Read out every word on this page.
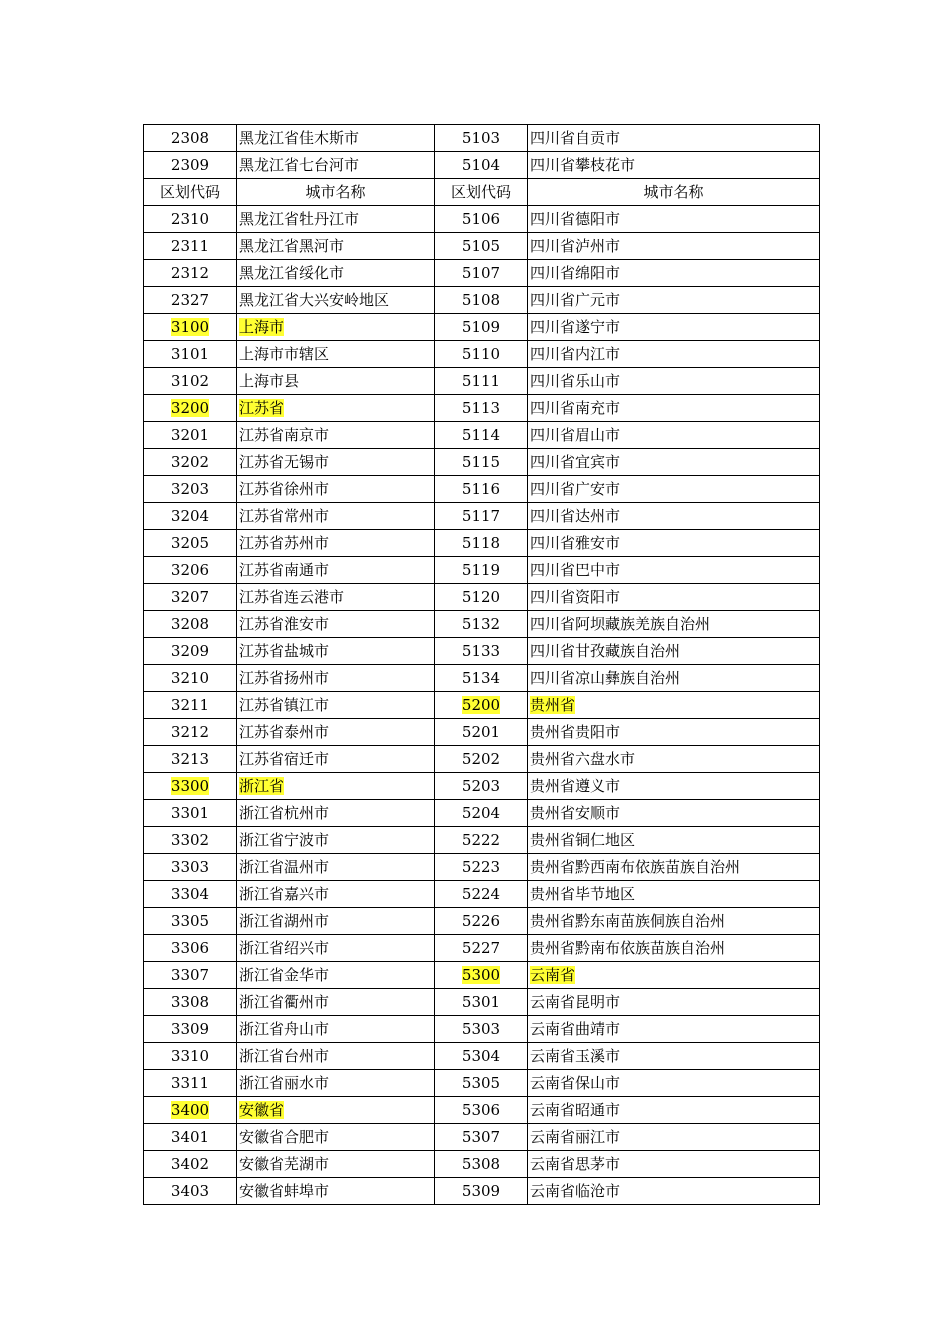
2308	黑龙江省佳木斯市	5103	四川省自贡市
2309	黑龙江省七台河市	5104	四川省攀枝花市
区划代码	城市名称	区划代码	城市名称
2310	黑龙江省牡丹江市	5106	四川省德阳市
2311	黑龙江省黑河市	5105	四川省泸州市
2312	黑龙江省绥化市	5107	四川省绵阳市
2327	黑龙江省大兴安岭地区	5108	四川省广元市
3100	上海市	5109	四川省遂宁市
3101	上海市市辖区	5110	四川省内江市
3102	上海市县	5111	四川省乐山市
3200	江苏省	5113	四川省南充市
3201	江苏省南京市	5114	四川省眉山市
3202	江苏省无锡市	5115	四川省宜宾市
3203	江苏省徐州市	5116	四川省广安市
3204	江苏省常州市	5117	四川省达州市
3205	江苏省苏州市	5118	四川省雅安市
3206	江苏省南通市	5119	四川省巴中市
3207	江苏省连云港市	5120	四川省资阳市
3208	江苏省淮安市	5132	四川省阿坝藏族羌族自治州
3209	江苏省盐城市	5133	四川省甘孜藏族自治州
3210	江苏省扬州市	5134	四川省凉山彝族自治州
3211	江苏省镇江市	5200	贵州省
3212	江苏省泰州市	5201	贵州省贵阳市
3213	江苏省宿迁市	5202	贵州省六盘水市
3300	浙江省	5203	贵州省遵义市
3301	浙江省杭州市	5204	贵州省安顺市
3302	浙江省宁波市	5222	贵州省铜仁地区
3303	浙江省温州市	5223	贵州省黔西南布依族苗族自治州
3304	浙江省嘉兴市	5224	贵州省毕节地区
3305	浙江省湖州市	5226	贵州省黔东南苗族侗族自治州
3306	浙江省绍兴市	5227	贵州省黔南布依族苗族自治州
3307	浙江省金华市	5300	云南省
3308	浙江省衢州市	5301	云南省昆明市
3309	浙江省舟山市	5303	云南省曲靖市
3310	浙江省台州市	5304	云南省玉溪市
3311	浙江省丽水市	5305	云南省保山市
3400	安徽省	5306	云南省昭通市
3401	安徽省合肥市	5307	云南省丽江市
3402	安徽省芜湖市	5308	云南省思茅市
3403	安徽省蚌埠市	5309	云南省临沧市
